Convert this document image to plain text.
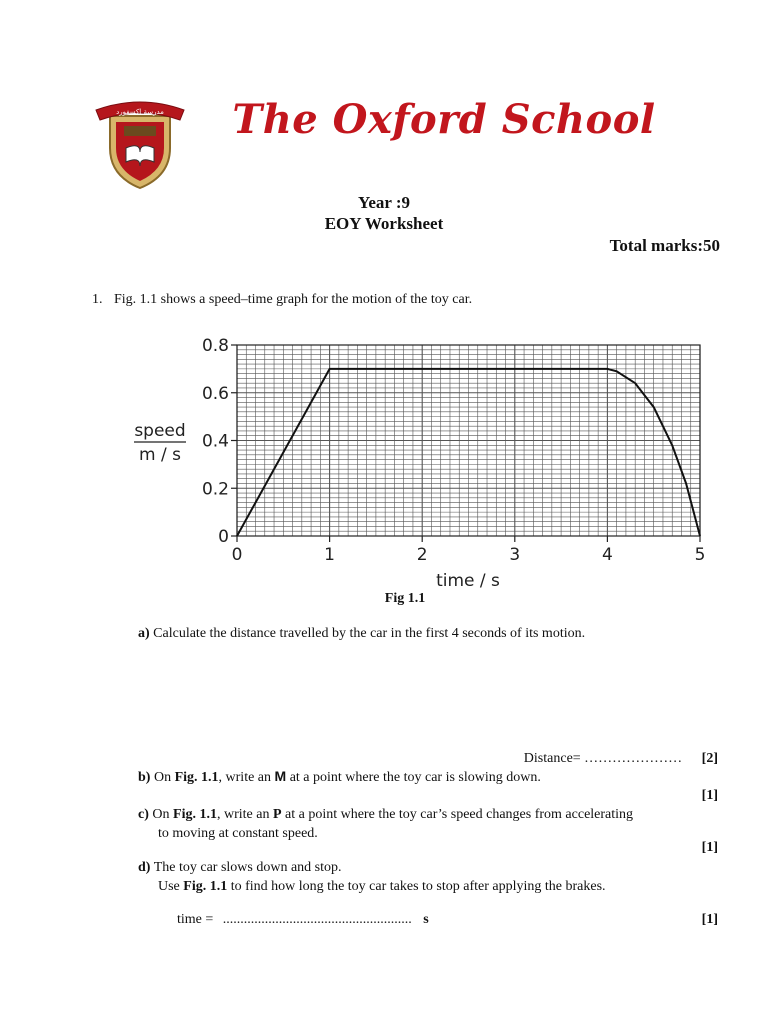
مدرسة اكسفورد	The Oxford School
Year :9
EOY Worksheet
Total marks:50
1. Fig. 1.1 shows a speed–time graph for the motion of the toy car.
0	1	2	3	4	5
0
0.2
0.4
0.6
0.8
speed
m / s
time / s
Fig 1.1
a) Calculate the distance travelled by the car in the first 4 seconds of its motion.
Distance= ………………… [2]
b) On Fig. 1.1, write an M at a point where the toy car is slowing down.
[1]
c) On Fig. 1.1, write an P at a point where the toy car’s speed changes from accelerating
to moving at constant speed.
[1]
d) The toy car slows down and stop.
Use Fig. 1.1 to find how long the toy car takes to stop after applying the brakes.
time = ...................................................... s	[1]
